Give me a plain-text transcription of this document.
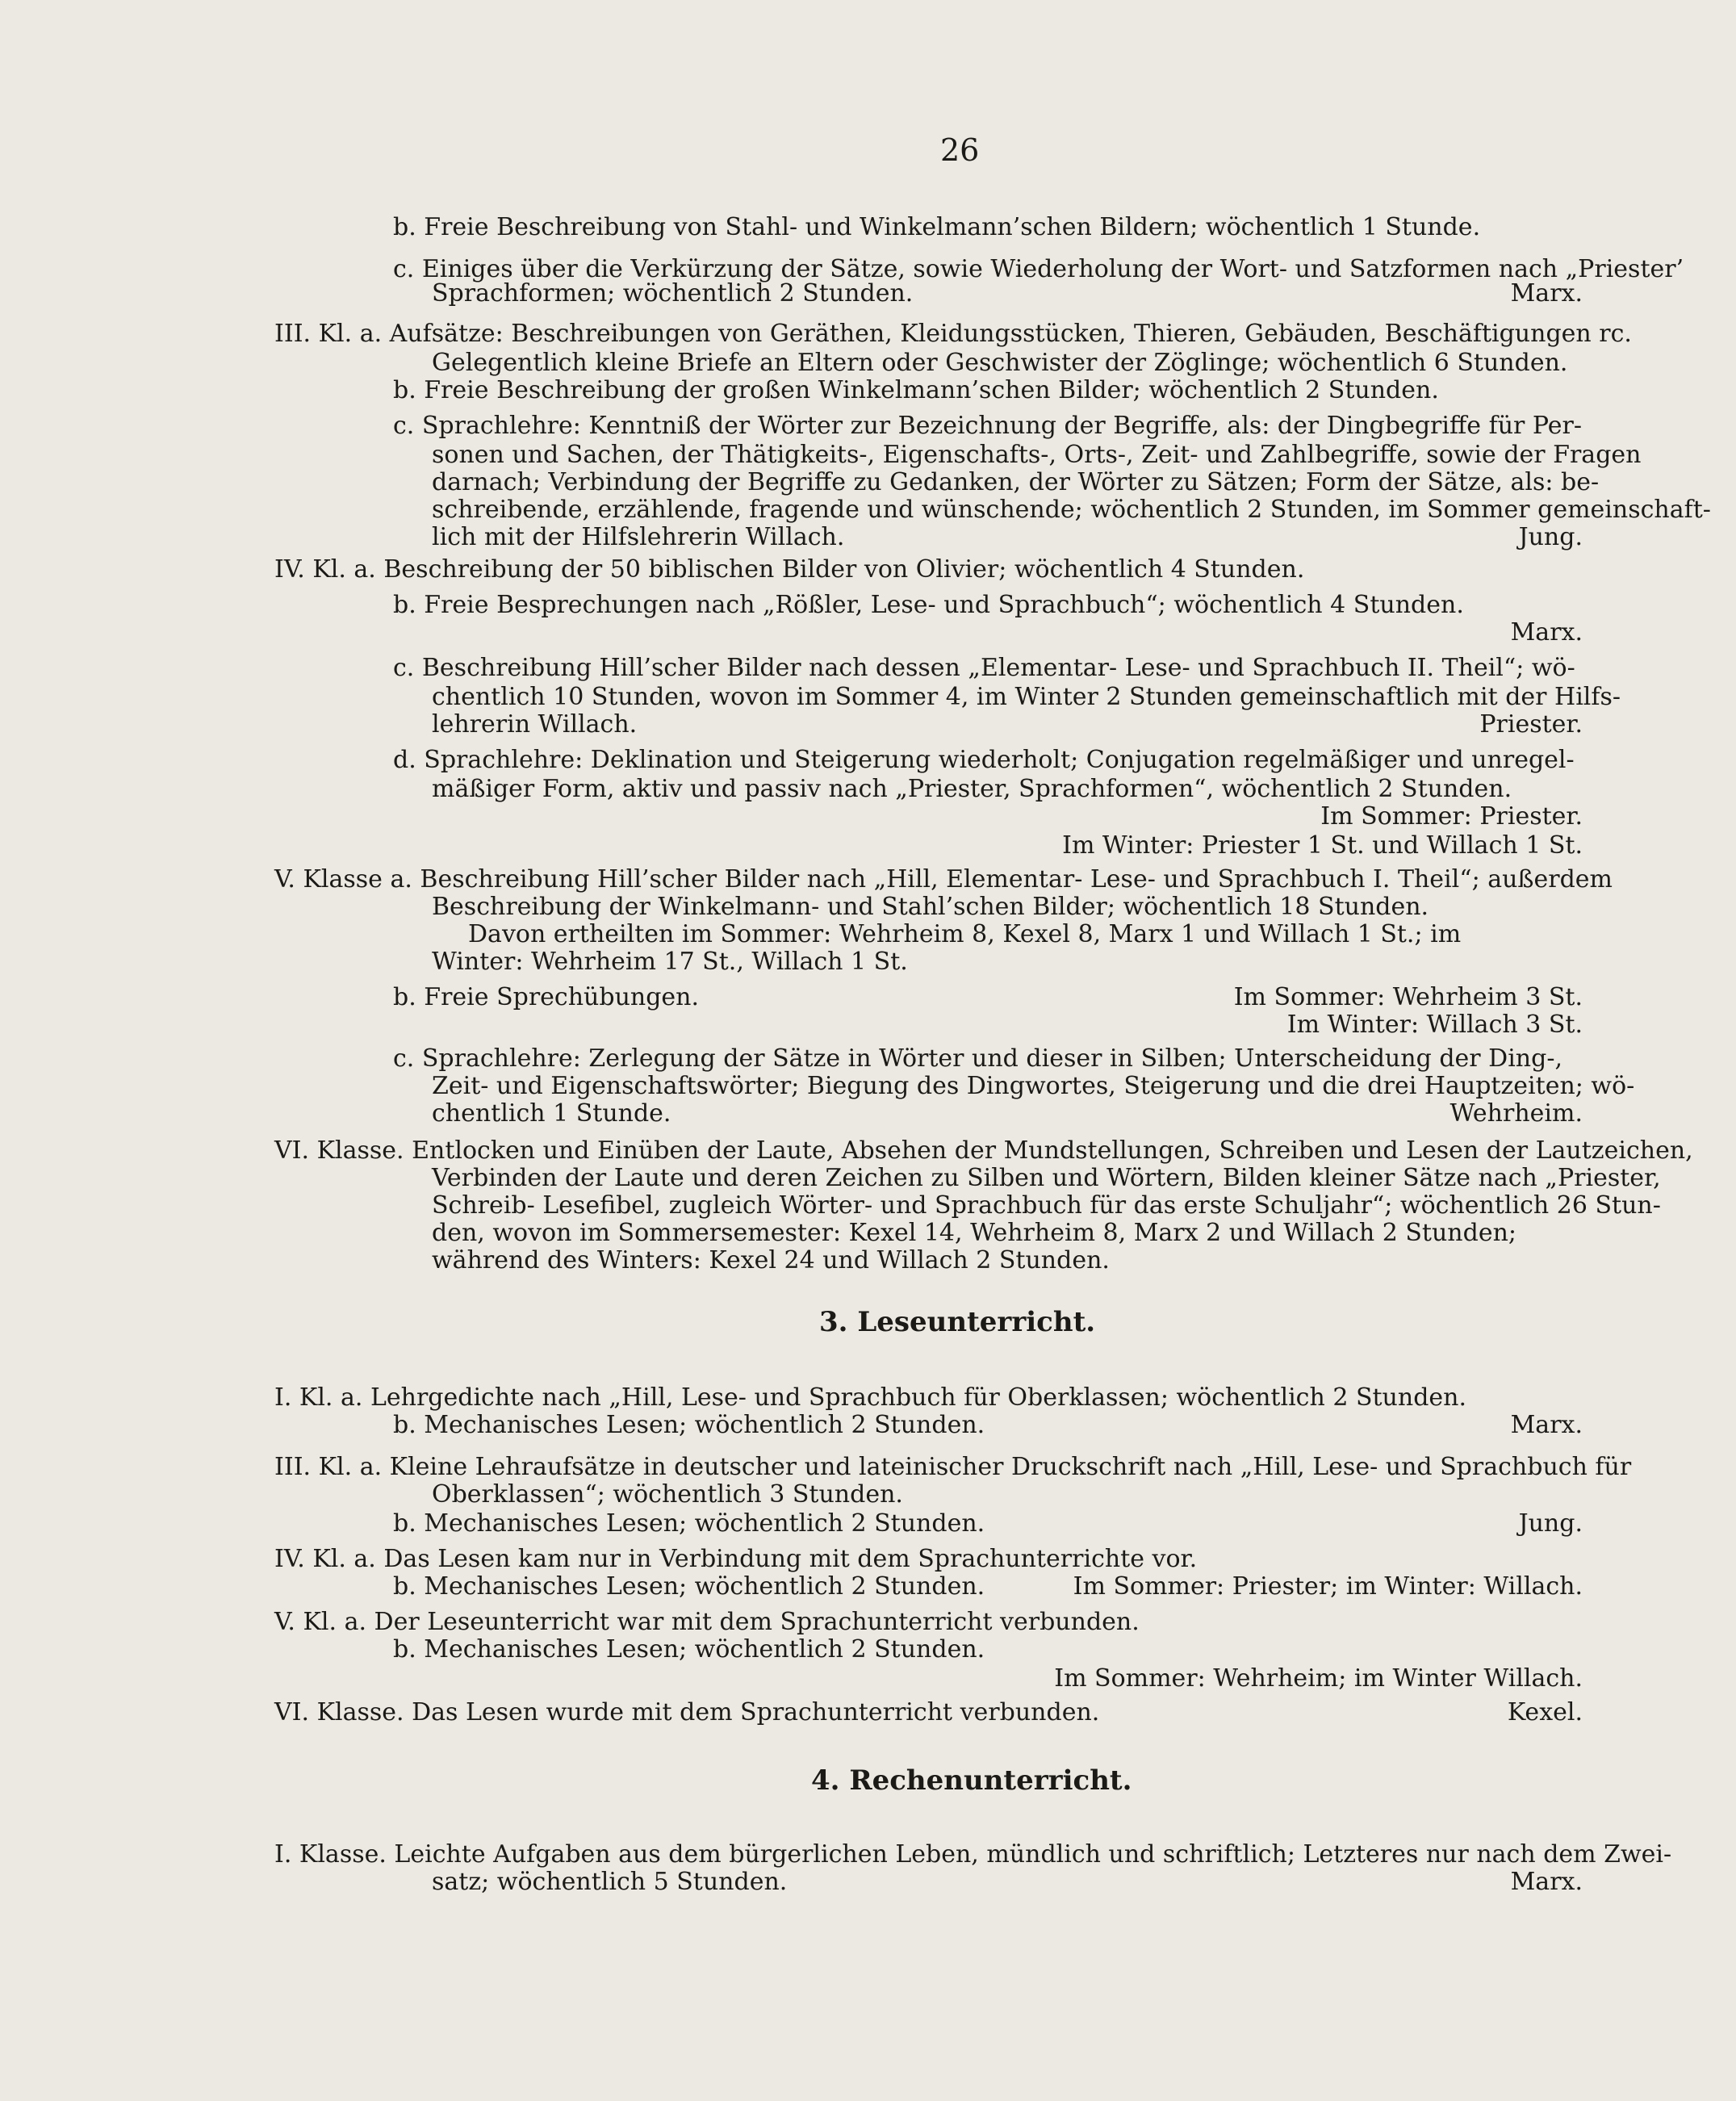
26
b. Freie Beschreibung von Stahl- und Winkelmann’schen Bildern; wöchentlich 1 Stunde.
c. Einiges über die Verkürzung der Sätze, sowie Wiederholung der Wort- und Satzformen nach „Priester’
Sprachformen; wöchentlich 2 Stunden.	Marx.
III. Kl. a. Aufsätze: Beschreibungen von Geräthen, Kleidungsstücken, Thieren, Gebäuden, Beschäftigungen rc.
Gelegentlich kleine Briefe an Eltern oder Geschwister der Zöglinge; wöchentlich 6 Stunden.
b. Freie Beschreibung der großen Winkelmann’schen Bilder; wöchentlich 2 Stunden.
c. Sprachlehre: Kenntniß der Wörter zur Bezeichnung der Begriffe, als: der Dingbegriffe für Per-
sonen und Sachen, der Thätigkeits-, Eigenschafts-, Orts-, Zeit- und Zahlbegriffe, sowie der Fragen
darnach; Verbindung der Begriffe zu Gedanken, der Wörter zu Sätzen; Form der Sätze, als: be-
schreibende, erzählende, fragende und wünschende; wöchentlich 2 Stunden, im Sommer gemeinschaft-
lich mit der Hilfslehrerin Willach.	Jung.
IV. Kl. a. Beschreibung der 50 biblischen Bilder von Olivier; wöchentlich 4 Stunden.
b. Freie Besprechungen nach „Rößler, Lese- und Sprachbuch“; wöchentlich 4 Stunden.
Marx.
c. Beschreibung Hill’scher Bilder nach dessen „Elementar- Lese- und Sprachbuch II. Theil“; wö-
chentlich 10 Stunden, wovon im Sommer 4, im Winter 2 Stunden gemeinschaftlich mit der Hilfs-
lehrerin Willach.	Priester.
d. Sprachlehre: Deklination und Steigerung wiederholt; Conjugation regelmäßiger und unregel-
mäßiger Form, aktiv und passiv nach „Priester, Sprachformen“, wöchentlich 2 Stunden.
Im Sommer: Priester.
Im Winter: Priester 1 St. und Willach 1 St.
V. Klasse a. Beschreibung Hill’scher Bilder nach „Hill, Elementar- Lese- und Sprachbuch I. Theil“; außerdem
Beschreibung der Winkelmann- und Stahl’schen Bilder; wöchentlich 18 Stunden.
Davon ertheilten im Sommer: Wehrheim 8, Kexel 8, Marx 1 und Willach 1 St.; im
Winter: Wehrheim 17 St., Willach 1 St.
b. Freie Sprechübungen.	Im Sommer: Wehrheim 3 St.
Im Winter: Willach 3 St.
c. Sprachlehre: Zerlegung der Sätze in Wörter und dieser in Silben; Unterscheidung der Ding-,
Zeit- und Eigenschaftswörter; Biegung des Dingwortes, Steigerung und die drei Hauptzeiten; wö-
chentlich 1 Stunde.	Wehrheim.
VI. Klasse. Entlocken und Einüben der Laute, Absehen der Mundstellungen, Schreiben und Lesen der Lautzeichen,
Verbinden der Laute und deren Zeichen zu Silben und Wörtern, Bilden kleiner Sätze nach „Priester,
Schreib- Lesefibel, zugleich Wörter- und Sprachbuch für das erste Schuljahr“; wöchentlich 26 Stun-
den, wovon im Sommersemester: Kexel 14, Wehrheim 8, Marx 2 und Willach 2 Stunden;
während des Winters: Kexel 24 und Willach 2 Stunden.
3. Leseunterricht.
I. Kl. a. Lehrgedichte nach „Hill, Lese- und Sprachbuch für Oberklassen; wöchentlich 2 Stunden.
b. Mechanisches Lesen; wöchentlich 2 Stunden.	Marx.
III. Kl. a. Kleine Lehraufsätze in deutscher und lateinischer Druckschrift nach „Hill, Lese- und Sprachbuch für
Oberklassen“; wöchentlich 3 Stunden.
b. Mechanisches Lesen; wöchentlich 2 Stunden.	Jung.
IV. Kl. a. Das Lesen kam nur in Verbindung mit dem Sprachunterrichte vor.
b. Mechanisches Lesen; wöchentlich 2 Stunden.	Im Sommer: Priester; im Winter: Willach.
V. Kl. a. Der Leseunterricht war mit dem Sprachunterricht verbunden.
b. Mechanisches Lesen; wöchentlich 2 Stunden.
Im Sommer: Wehrheim; im Winter Willach.
VI. Klasse. Das Lesen wurde mit dem Sprachunterricht verbunden.	Kexel.
4. Rechenunterricht.
I. Klasse. Leichte Aufgaben aus dem bürgerlichen Leben, mündlich und schriftlich; Letzteres nur nach dem Zwei-
satz; wöchentlich 5 Stunden.	Marx.
